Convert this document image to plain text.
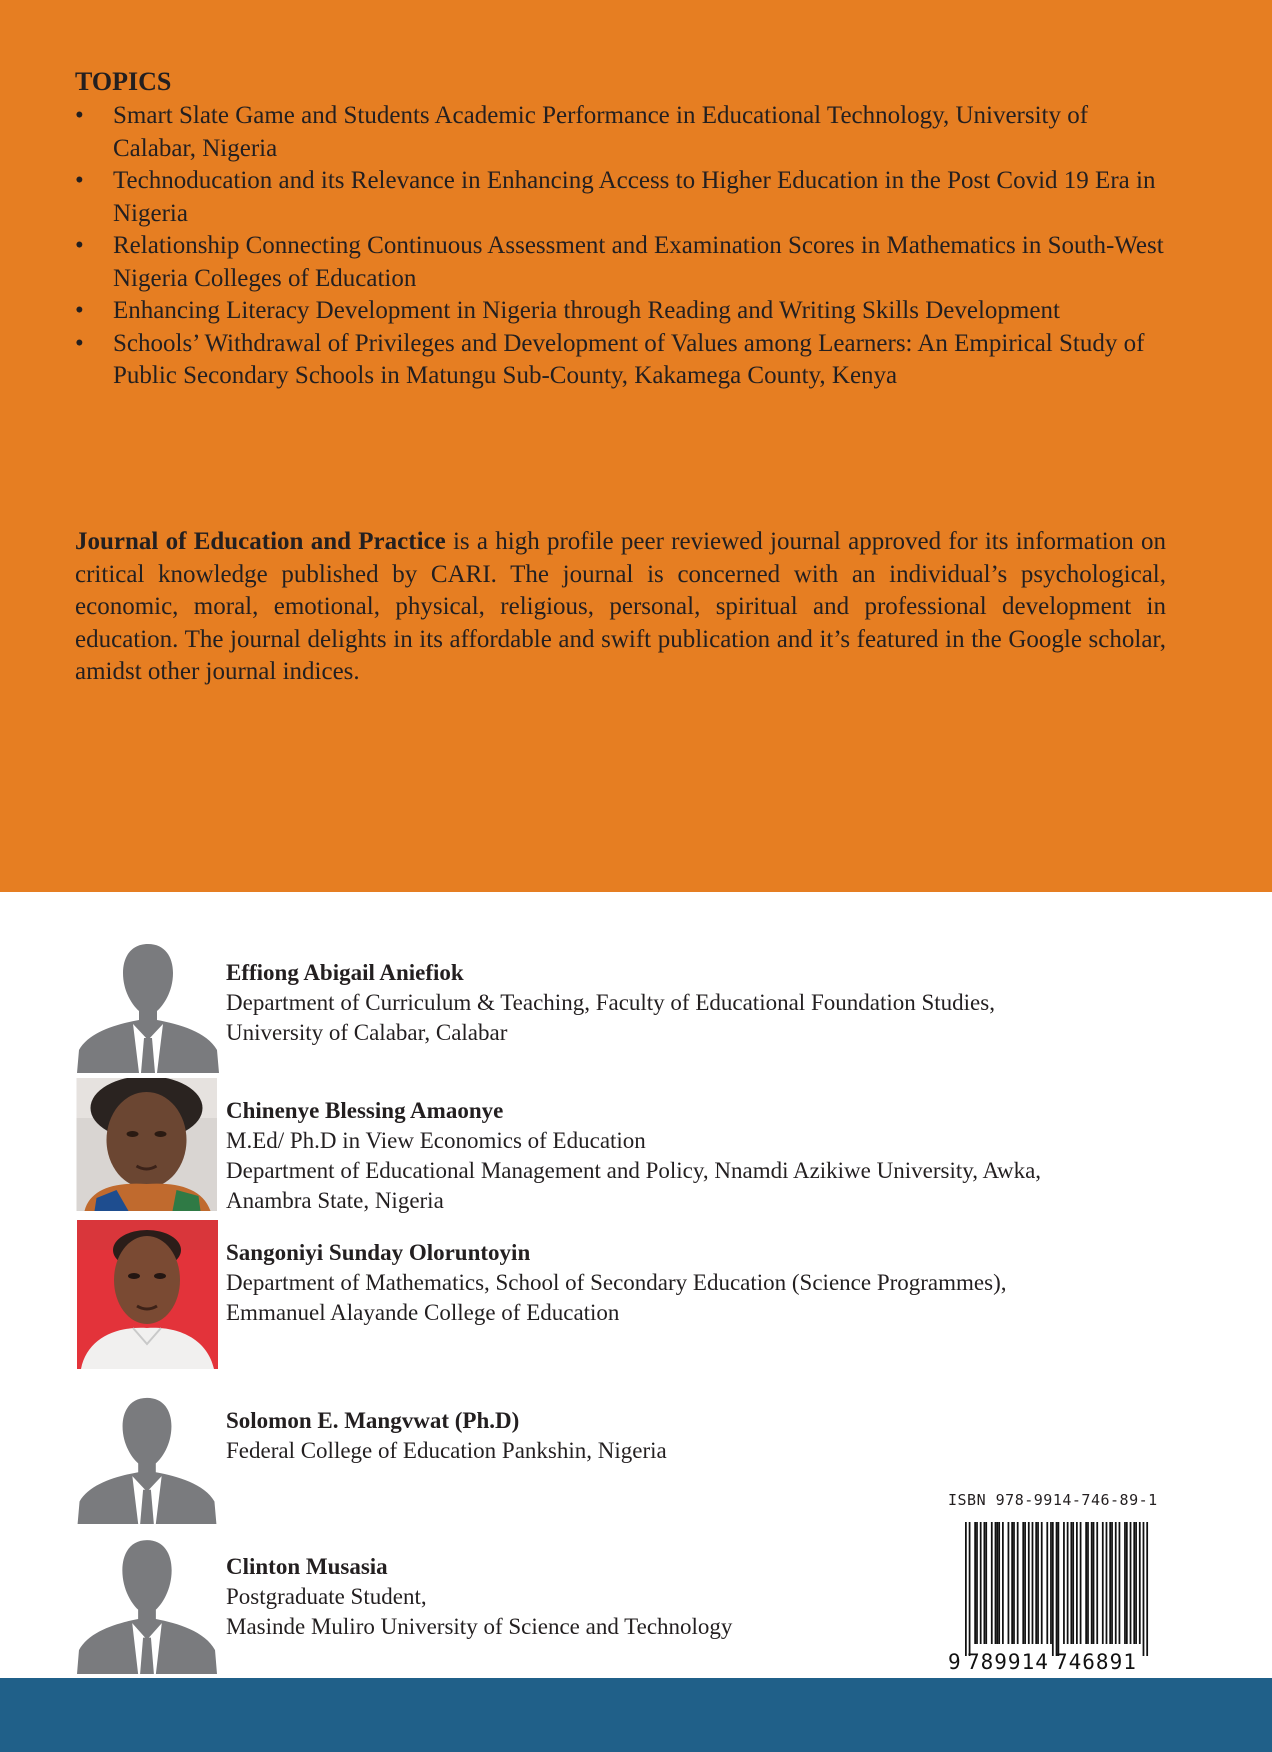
TOPICS
•	Smart Slate Game and Students Academic Performance in Educational Technology, University of Calabar, Nigeria
•	Technoducation and its Relevance in Enhancing Access to Higher Education in the Post Covid 19 Era in Nigeria
•	Relationship Connecting Continuous Assessment and Examination Scores in Mathematics in South-West Nigeria Colleges of Education
•	Enhancing Literacy Development in Nigeria through Reading and Writing Skills Development
•	Schools’ Withdrawal of Privileges and Development of Values among Learners: An Empirical Study of Public Secondary Schools in Matungu Sub-County, Kakamega County, Kenya

Journal of Education and Practice is a high profile peer reviewed journal approved for its information on critical knowledge published by CARI. The journal is concerned with an individual’s psychological, economic, moral, emotional, physical, religious, personal, spiritual and professional development in education. The journal delights in its affordable and swift publication and it’s featured in the Google scholar, amidst other journal indices.

Effiong Abigail Aniefiok
Department of Curriculum & Teaching, Faculty of Educational Foundation Studies,
University of Calabar, Calabar
Chinenye Blessing Amaonye
M.Ed/ Ph.D in View Economics of Education
Department of Educational Management and Policy, Nnamdi Azikiwe University, Awka,
Anambra State, Nigeria
Sangoniyi Sunday Oloruntoyin
Department of Mathematics, School of Secondary Education (Science Programmes),
Emmanuel Alayande College of Education
Solomon E. Mangvwat (Ph.D)
Federal College of Education Pankshin, Nigeria
Clinton Musasia
Postgraduate Student,
Masinde Muliro University of Science and Technology
ISBN 978-9914-746-89-1
9 789914 746891
